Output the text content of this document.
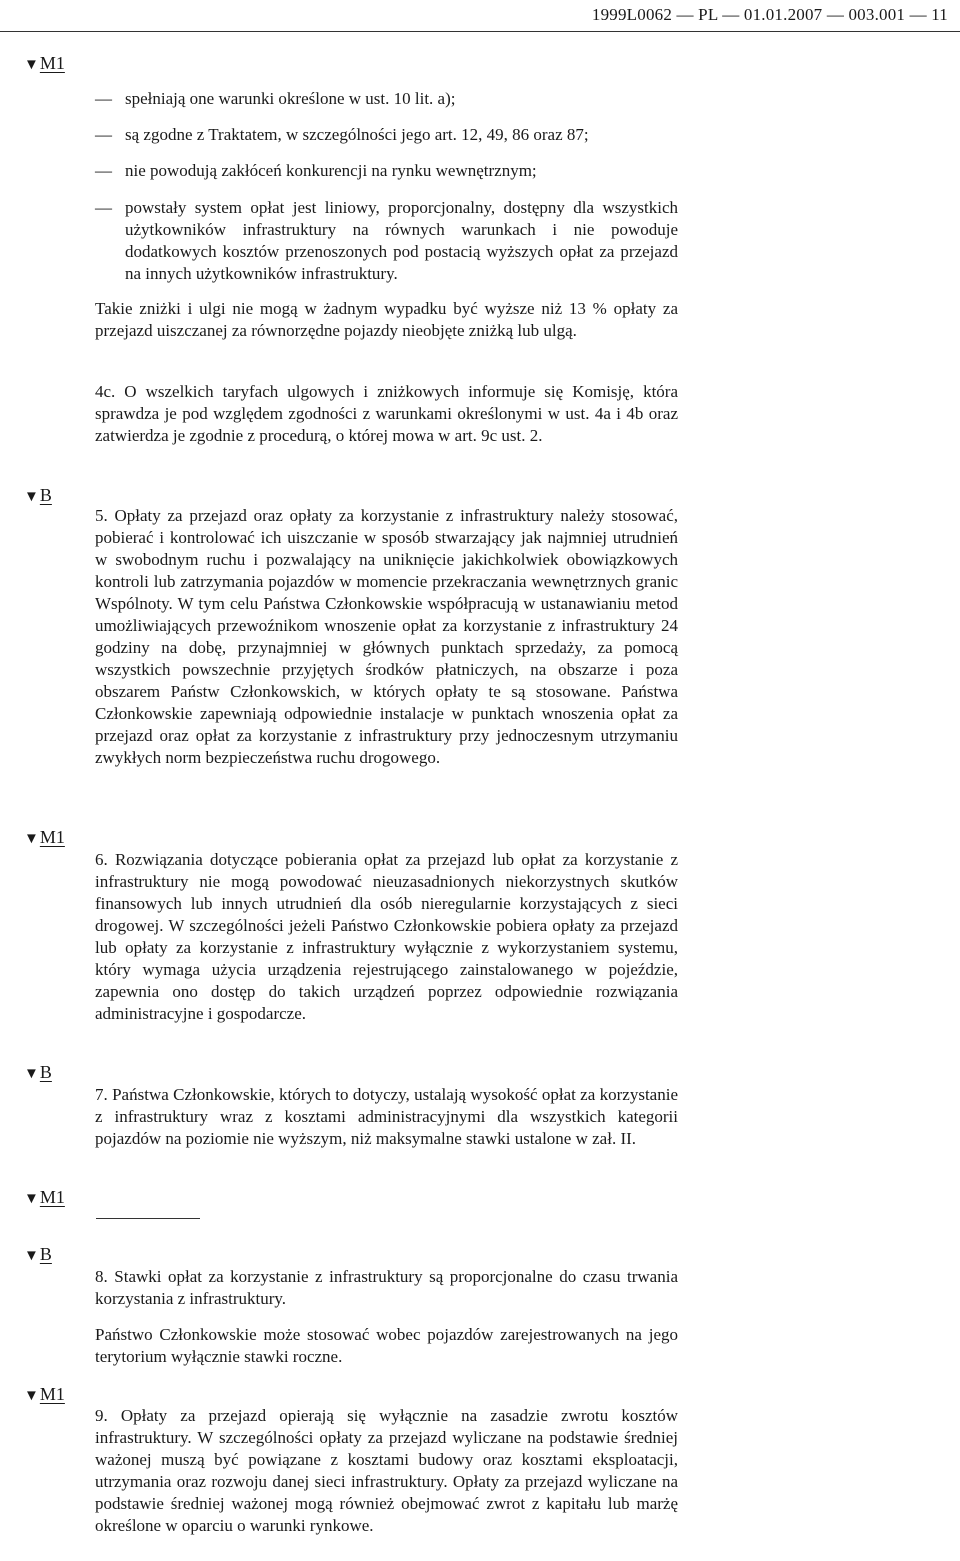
1999L0062 — PL — 01.01.2007 — 003.001 — 11
▼ M1
▼ B
▼ M1
▼ B
▼ M1
▼ B
▼ M1
— spełniają one warunki określone w ust. 10 lit. a);
— są zgodne z Traktatem, w szczególności jego art. 12, 49, 86 oraz 87;
— nie powodują zakłóceń konkurencji na rynku wewnętrznym;
— powstały system opłat jest liniowy, proporcjonalny, dostępny dla wszystkich użytkowników infrastruktury na równych warunkach i nie powoduje dodatkowych kosztów przenoszonych pod postacią wyższych opłat za przejazd na innych użytkowników infrastruktury.

Takie zniżki i ulgi nie mogą w żadnym wypadku być wyższe niż 13 % opłaty za przejazd uiszczanej za równorzędne pojazdy nieobjęte zniżką lub ulgą.

4c. O wszelkich taryfach ulgowych i zniżkowych informuje się Komisję, która sprawdza je pod względem zgodności z warunkami określonymi w ust. 4a i 4b oraz zatwierdza je zgodnie z procedurą, o której mowa w art. 9c ust. 2.

5. Opłaty za przejazd oraz opłaty za korzystanie z infrastruktury należy stosować, pobierać i kontrolować ich uiszczanie w sposób stwarzający jak najmniej utrudnień w swobodnym ruchu i pozwalający na uniknięcie jakichkolwiek obowiązkowych kontroli lub zatrzymania pojazdów w momencie przekraczania wewnętrznych granic Wspólnoty. W tym celu Państwa Członkowskie współpracują w ustanawianiu metod umożliwiających przewoźnikom wnoszenie opłat za korzystanie z infrastruktury 24 godziny na dobę, przynajmniej w głównych punktach sprzedaży, za pomocą wszystkich powszechnie przyjętych środków płatniczych, na obszarze i poza obszarem Państw Członkowskich, w których opłaty te są stosowane. Państwa Członkowskie zapewniają odpowiednie instalacje w punktach wnoszenia opłat za przejazd oraz opłat za korzystanie z infrastruktury przy jednoczesnym utrzymaniu zwykłych norm bezpieczeństwa ruchu drogowego.

6. Rozwiązania dotyczące pobierania opłat za przejazd lub opłat za korzystanie z infrastruktury nie mogą powodować nieuzasadnionych niekorzystnych skutków finansowych lub innych utrudnień dla osób nieregularnie korzystających z sieci drogowej. W szczególności jeżeli Państwo Członkowskie pobiera opłaty za przejazd lub opłaty za korzystanie z infrastruktury wyłącznie z wykorzystaniem systemu, który wymaga użycia urządzenia rejestrującego zainstalowanego w pojeździe, zapewnia ono dostęp do takich urządzeń poprzez odpowiednie rozwiązania administracyjne i gospodarcze.

7. Państwa Członkowskie, których to dotyczy, ustalają wysokość opłat za korzystanie z infrastruktury wraz z kosztami administracyjnymi dla wszystkich kategorii pojazdów na poziomie nie wyższym, niż maksymalne stawki ustalone w zał. II.

8. Stawki opłat za korzystanie z infrastruktury są proporcjonalne do czasu trwania korzystania z infrastruktury.

Państwo Członkowskie może stosować wobec pojazdów zarejestrowanych na jego terytorium wyłącznie stawki roczne.

9. Opłaty za przejazd opierają się wyłącznie na zasadzie zwrotu kosztów infrastruktury. W szczególności opłaty za przejazd wyliczane na podstawie średniej ważonej muszą być powiązane z kosztami budowy oraz kosztami eksploatacji, utrzymania oraz rozwoju danej sieci infrastruktury. Opłaty za przejazd wyliczane na podstawie średniej ważonej mogą również obejmować zwrot z kapitału lub marżę określone w oparciu o warunki rynkowe.
